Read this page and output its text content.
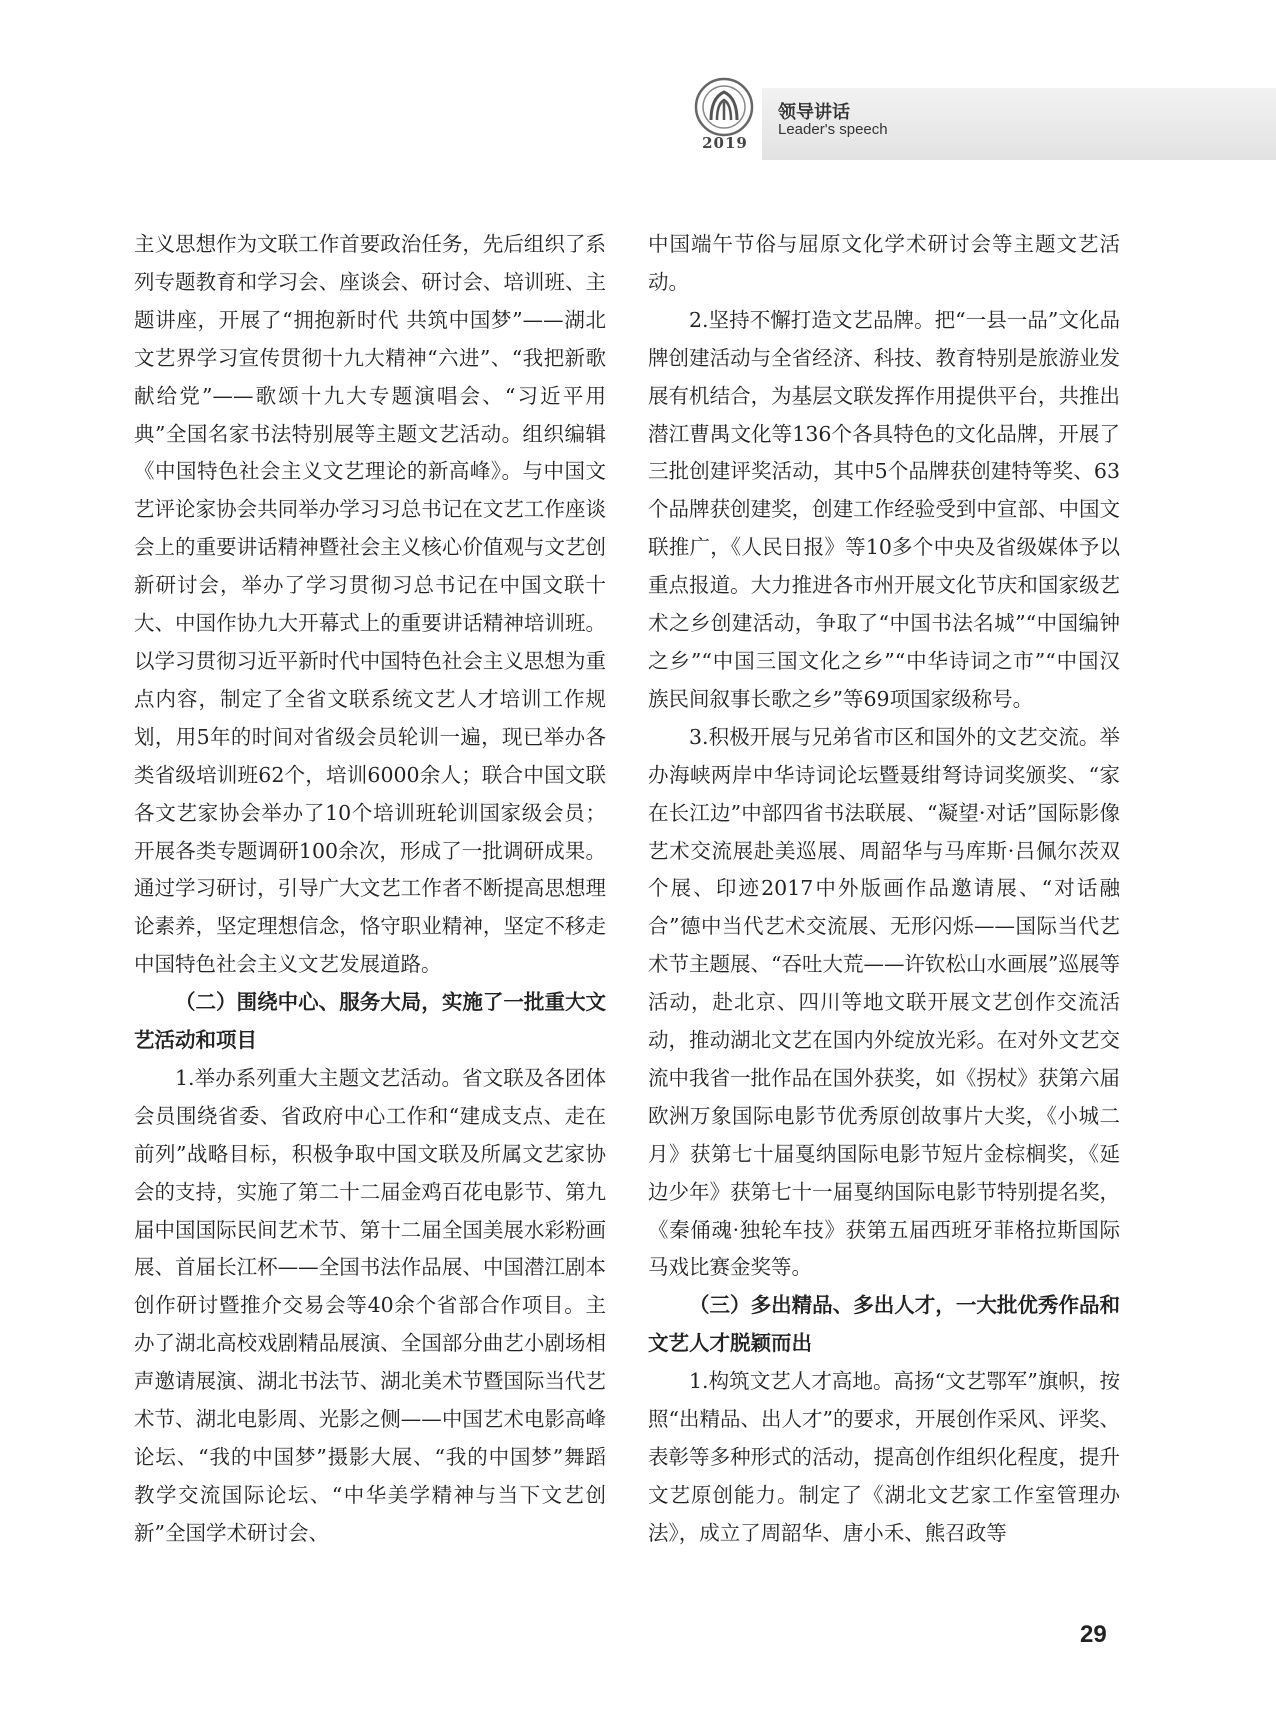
2019
领导讲话
Leader's speech

主义思想作为文联工作首要政治任务，先后组织了系列专题教育和学习会、座谈会、研讨会、培训班、主题讲座，开展了“拥抱新时代 共筑中国梦”——湖北文艺界学习宣传贯彻十九大精神“六进”、“我把新歌献给党”——歌颂十九大专题演唱会、“习近平用典”全国名家书法特别展等主题文艺活动。组织编辑《中国特色社会主义文艺理论的新高峰》。与中国文艺评论家协会共同举办学习习总书记在文艺工作座谈会上的重要讲话精神暨社会主义核心价值观与文艺创新研讨会，举办了学习贯彻习总书记在中国文联十大、中国作协九大开幕式上的重要讲话精神培训班。以学习贯彻习近平新时代中国特色社会主义思想为重点内容，制定了全省文联系统文艺人才培训工作规划，用5年的时间对省级会员轮训一遍，现已举办各类省级培训班62个，培训6000余人；联合中国文联各文艺家协会举办了10个培训班轮训国家级会员；开展各类专题调研100余次，形成了一批调研成果。通过学习研讨，引导广大文艺工作者不断提高思想理论素养，坚定理想信念，恪守职业精神，坚定不移走中国特色社会主义文艺发展道路。

（二）围绕中心、服务大局，实施了一批重大文艺活动和项目

1.举办系列重大主题文艺活动。省文联及各团体会员围绕省委、省政府中心工作和“建成支点、走在前列”战略目标，积极争取中国文联及所属文艺家协会的支持，实施了第二十二届金鸡百花电影节、第九届中国国际民间艺术节、第十二届全国美展水彩粉画展、首届长江杯——全国书法作品展、中国潜江剧本创作研讨暨推介交易会等40余个省部合作项目。主办了湖北高校戏剧精品展演、全国部分曲艺小剧场相声邀请展演、湖北书法节、湖北美术节暨国际当代艺术节、湖北电影周、光影之侧——中国艺术电影高峰论坛、“我的中国梦”摄影大展、“我的中国梦”舞蹈教学交流国际论坛、“中华美学精神与当下文艺创新”全国学术研讨会、

中国端午节俗与屈原文化学术研讨会等主题文艺活动。

2.坚持不懈打造文艺品牌。把“一县一品”文化品牌创建活动与全省经济、科技、教育特别是旅游业发展有机结合，为基层文联发挥作用提供平台，共推出潜江曹禺文化等136个各具特色的文化品牌，开展了三批创建评奖活动，其中5个品牌获创建特等奖、63个品牌获创建奖，创建工作经验受到中宣部、中国文联推广，《人民日报》等10多个中央及省级媒体予以重点报道。大力推进各市州开展文化节庆和国家级艺术之乡创建活动，争取了“中国书法名城”“中国编钟之乡”“中国三国文化之乡”“中华诗词之市”“中国汉族民间叙事长歌之乡”等69项国家级称号。

3.积极开展与兄弟省市区和国外的文艺交流。举办海峡两岸中华诗词论坛暨聂绀弩诗词奖颁奖、“家在长江边”中部四省书法联展、“凝望·对话”国际影像艺术交流展赴美巡展、周韶华与马库斯·吕佩尔茨双个展、印迹2017中外版画作品邀请展、“对话融合”德中当代艺术交流展、无形闪烁——国际当代艺术节主题展、“吞吐大荒——许钦松山水画展”巡展等活动，赴北京、四川等地文联开展文艺创作交流活动，推动湖北文艺在国内外绽放光彩。在对外文艺交流中我省一批作品在国外获奖，如《拐杖》获第六届欧洲万象国际电影节优秀原创故事片大奖，《小城二月》获第七十届戛纳国际电影节短片金棕榈奖，《延边少年》获第七十一届戛纳国际电影节特别提名奖，《秦俑魂·独轮车技》获第五届西班牙菲格拉斯国际马戏比赛金奖等。

（三）多出精品、多出人才，一大批优秀作品和文艺人才脱颖而出

1.构筑文艺人才高地。高扬“文艺鄂军”旗帜，按照“出精品、出人才”的要求，开展创作采风、评奖、表彰等多种形式的活动，提高创作组织化程度，提升文艺原创能力。制定了《湖北文艺家工作室管理办法》，成立了周韶华、唐小禾、熊召政等

29
